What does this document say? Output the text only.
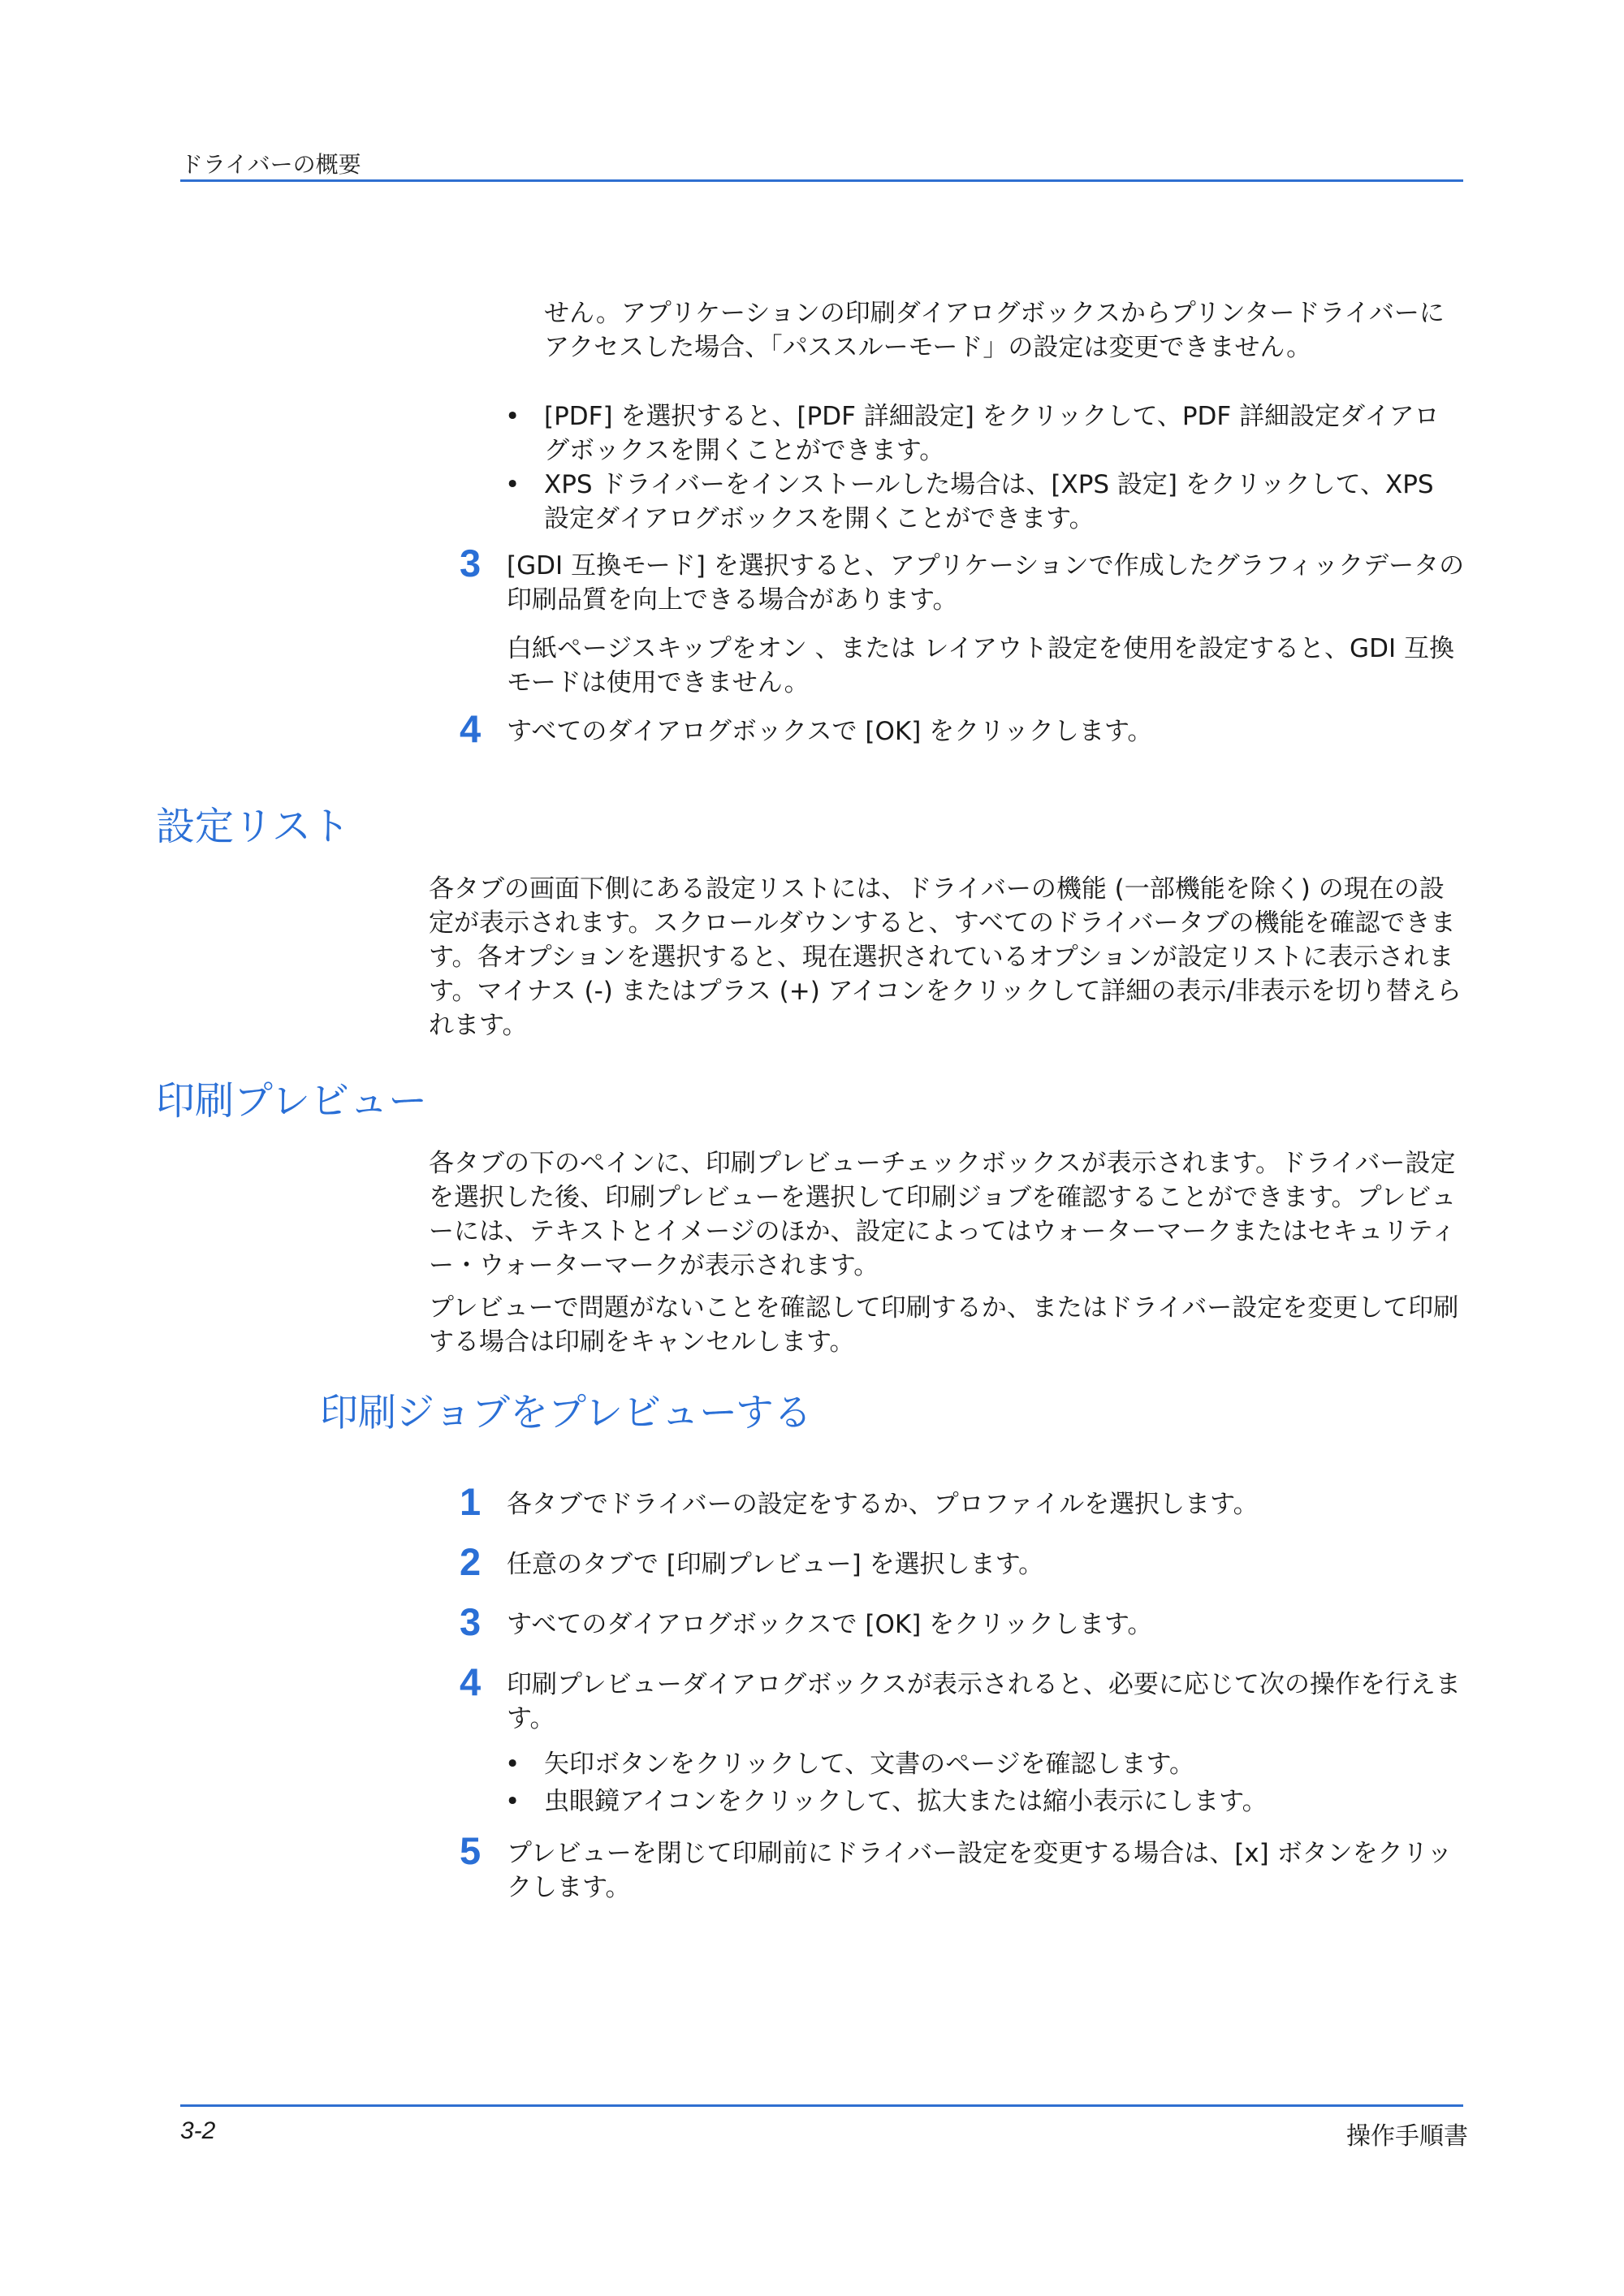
ドライバーの概要

せん。アプリケーションの印刷ダイアログボックスからプリンタードライバーにアクセスした場合、「パススルーモード」の設定は変更できません。

• [PDF] を選択すると、[PDF 詳細設定] をクリックして、PDF 詳細設定ダイアログボックスを開くことができます。

• XPS ドライバーをインストールした場合は、[XPS 設定] をクリックして、XPS 設定ダイアログボックスを開くことができます。

3 [GDI 互換モード] を選択すると、アプリケーションで作成したグラフィックデータの印刷品質を向上できる場合があります。

白紙ページスキップをオン 、または レイアウト設定を使用を設定すると、GDI 互換モードは使用できません。

4 すべてのダイアログボックスで [OK] をクリックします。

設定リスト

各タブの画面下側にある設定リストには、ドライバーの機能 (一部機能を除く) の現在の設定が表示されます。スクロールダウンすると、すべてのドライバータブの機能を確認できます。各オプションを選択すると、現在選択されているオプションが設定リストに表示されます。マイナス (-) またはプラス (+) アイコンをクリックして詳細の表示/非表示を切り替えられます。

印刷プレビュー

各タブの下のペインに、印刷プレビューチェックボックスが表示されます。ドライバー設定を選択した後、印刷プレビューを選択して印刷ジョブを確認することができます。プレビューには、テキストとイメージのほか、設定によってはウォーターマークまたはセキュリティー・ウォーターマークが表示されます。

プレビューで問題がないことを確認して印刷するか、またはドライバー設定を変更して印刷する場合は印刷をキャンセルします。

印刷ジョブをプレビューする
1 各タブでドライバーの設定をするか、プロファイルを選択します。

2 任意のタブで [印刷プレビュー] を選択します。

3 すべてのダイアログボックスで [OK] をクリックします。

4 印刷プレビューダイアログボックスが表示されると、必要に応じて次の操作を行えます。

• 矢印ボタンをクリックして、文書のページを確認します。

• 虫眼鏡アイコンをクリックして、拡大または縮小表示にします。

5 プレビューを閉じて印刷前にドライバー設定を変更する場合は、[x] ボタンをクリックします。

3-2	操作手順書
